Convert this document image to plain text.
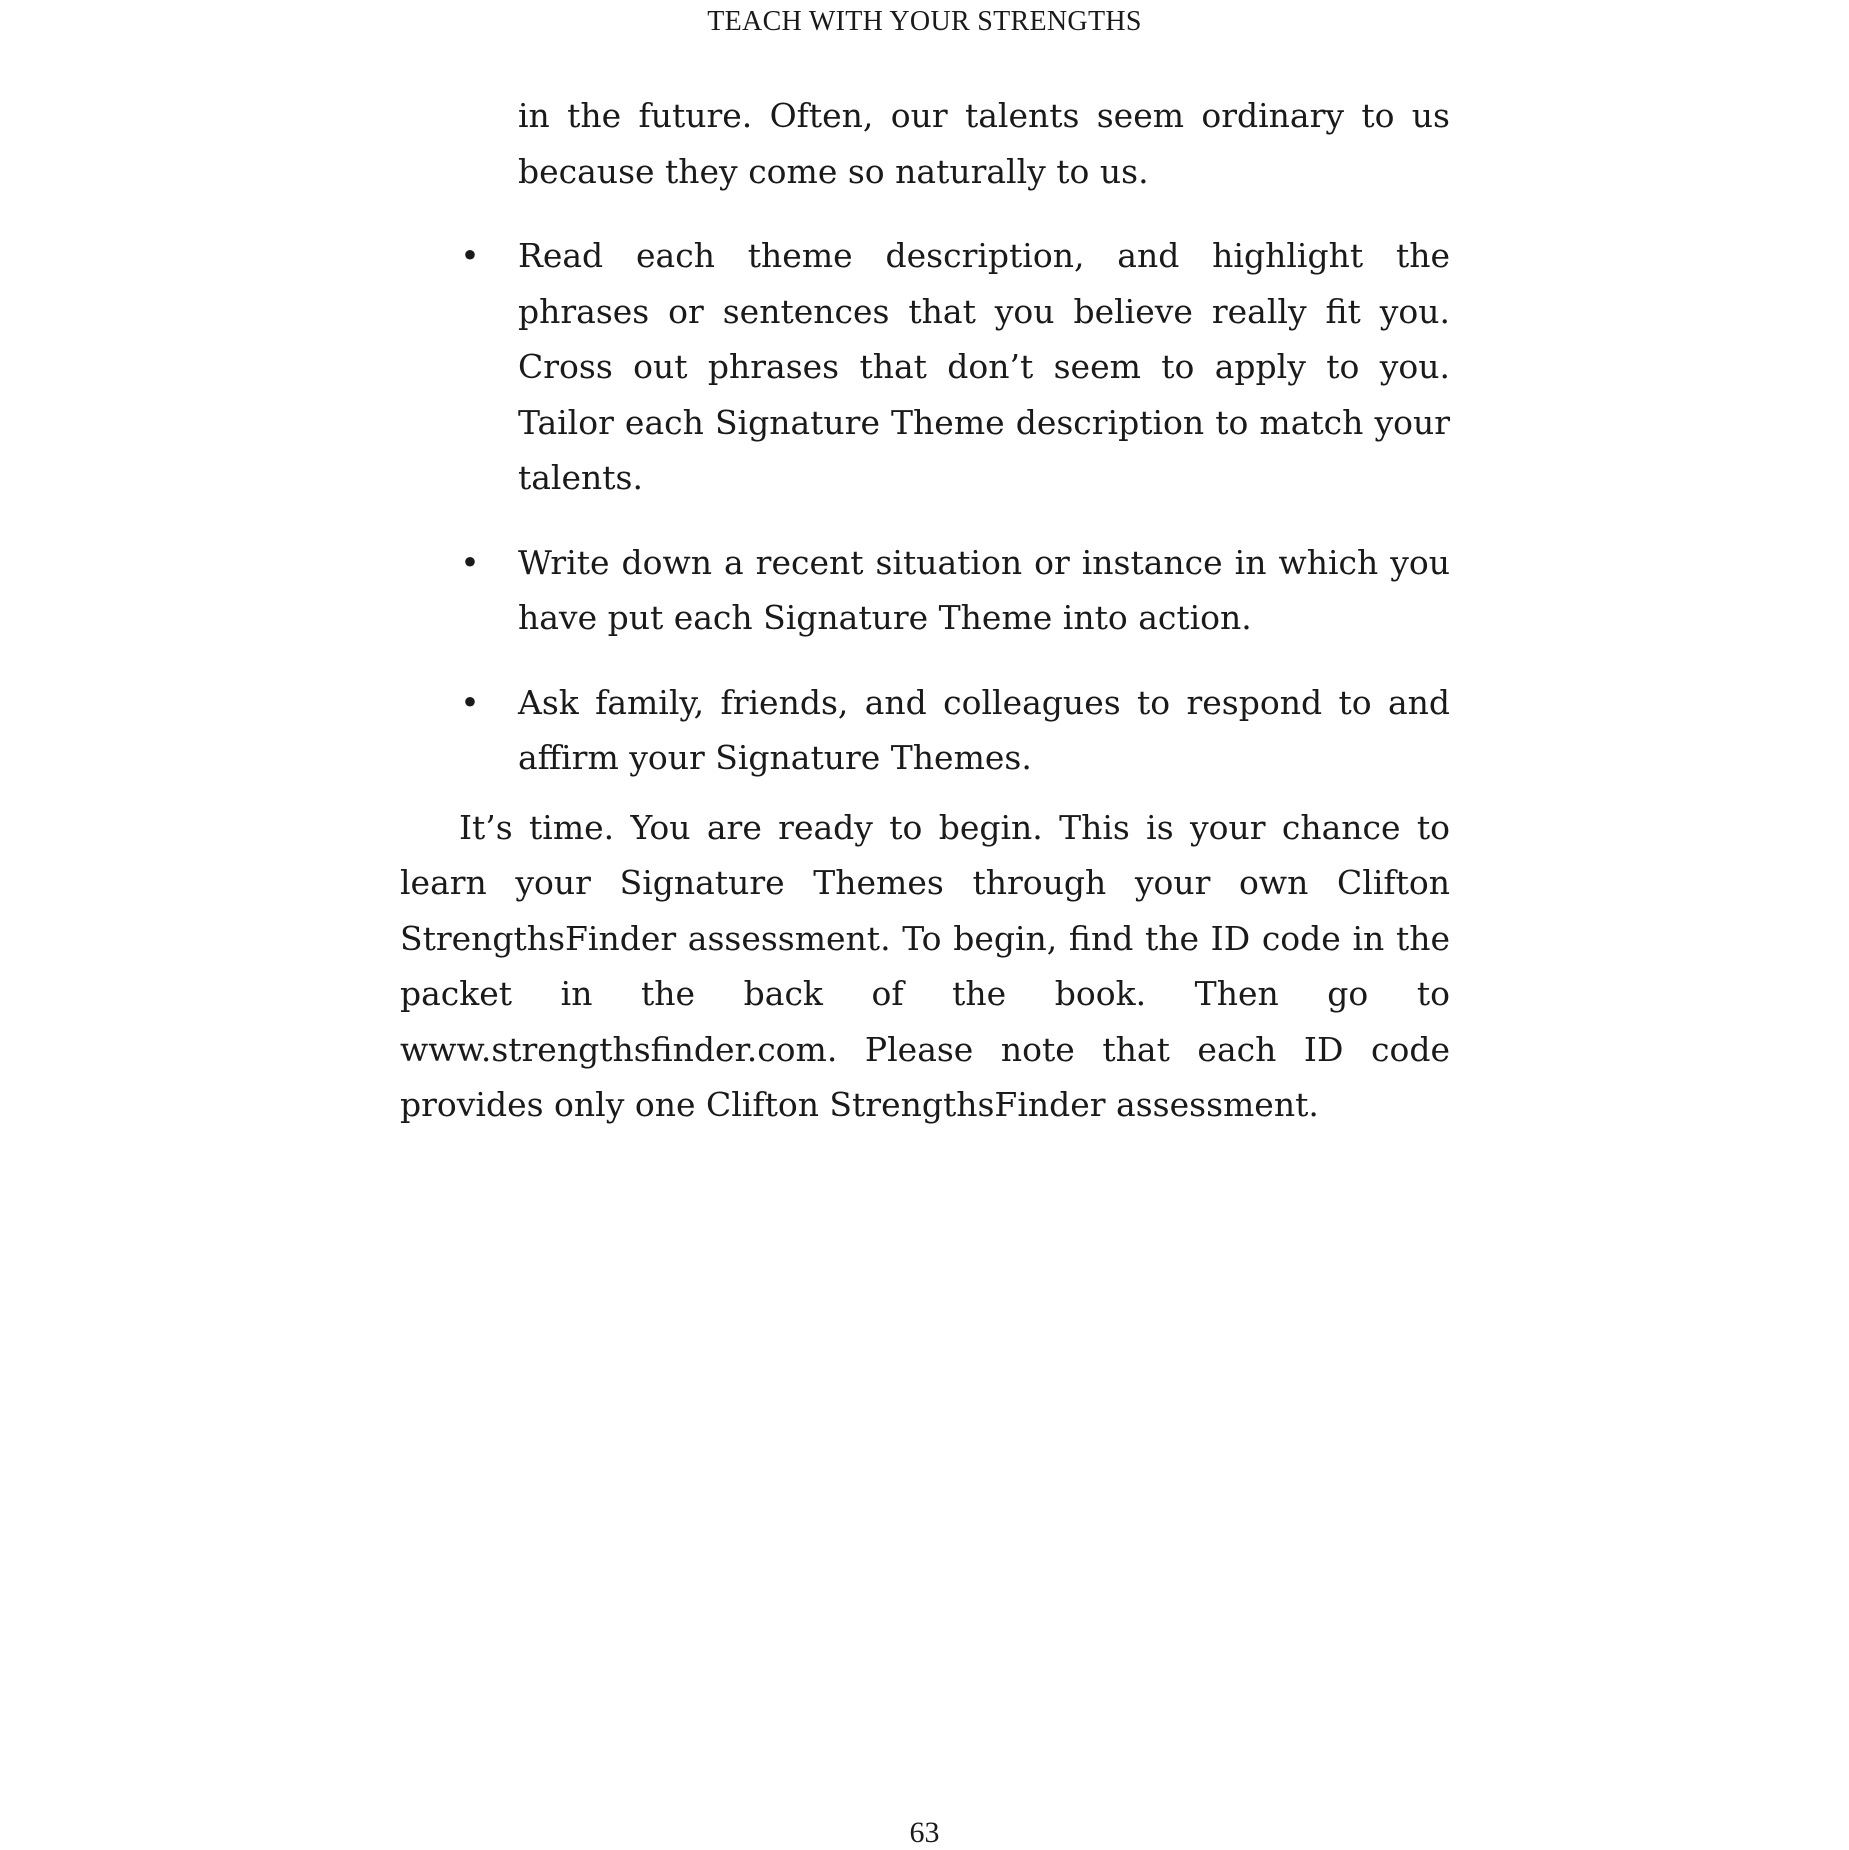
TEACH WITH YOUR STRENGTHS

in the future. Often, our talents seem ordinary to us because they come so naturally to us.

• Read each theme description, and highlight the phrases or sentences that you believe really fit you. Cross out phrases that don’t seem to apply to you. Tailor each Signature Theme description to match your talents.
• Write down a recent situation or instance in which you have put each Signature Theme into action.
• Ask family, friends, and colleagues to respond to and affirm your Signature Themes.

It’s time. You are ready to begin. This is your chance to learn your Signature Themes through your own Clifton StrengthsFinder assessment. To begin, find the ID code in the packet in the back of the book. Then go to www.strengthsfinder.com. Please note that each ID code provides only one Clifton StrengthsFinder assessment.

63
